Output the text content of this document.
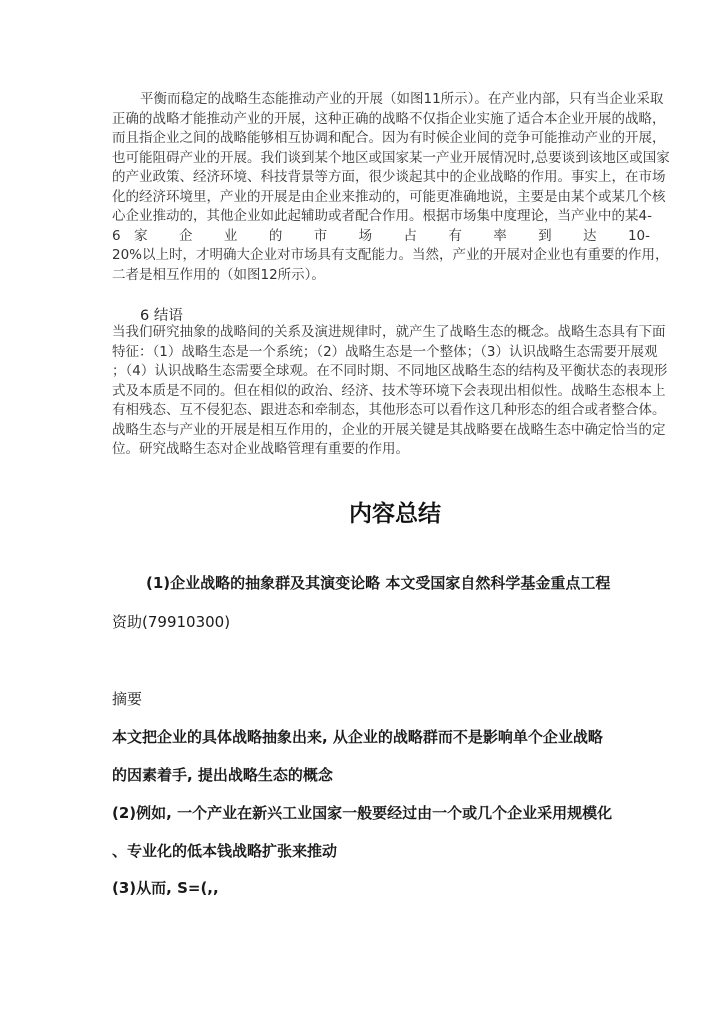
平衡而稳定的战略生态能推动产业的开展（如图11所示）。在产业内部，只有当企业采取
正确的战略才能推动产业的开展，这种正确的战略不仅指企业实施了适合本企业开展的战略，
而且指企业之间的战略能够相互协调和配合。因为有时候企业间的竞争可能推动产业的开展，
也可能阻碍产业的开展。我们谈到某个地区或国家某一产业开展情况时,总要谈到该地区或国家
的产业政策、经济环境、科技背景等方面，很少谈起其中的企业战略的作用。事实上，在市场
化的经济环境里，产业的开展是由企业来推动的，可能更准确地说，主要是由某个或某几个核
心企业推动的，其他企业如此起辅助或者配合作用。根据市场集中度理论，当产业中的某4-
6家 企 业 的 市 场 占 有 率 到 达 10-
20%以上时，才明确大企业对市场具有支配能力。当然，产业的开展对企业也有重要的作用，
二者是相互作用的（如图12所示）。
6 结语
当我们研究抽象的战略间的关系及演进规律时，就产生了战略生态的概念。战略生态具有下面
特征：（1）战略生态是一个系统；（2）战略生态是一个整体；（3）认识战略生态需要开展观
；（4）认识战略生态需要全球观。在不同时期、不同地区战略生态的结构及平衡状态的表现形
式及本质是不同的。但在相似的政治、经济、技术等环境下会表现出相似性。战略生态根本上
有相残态、互不侵犯态、跟进态和牵制态，其他形态可以看作这几种形态的组合或者整合体。
战略生态与产业的开展是相互作用的，企业的开展关键是其战略要在战略生态中确定恰当的定
位。研究战略生态对企业战略管理有重要的作用。
内容总结
(1)企业战略的抽象群及其演变论略 本文受国家自然科学基金重点工程
资助(79910300)
摘要
本文把企业的具体战略抽象出来, 从企业的战略群而不是影响单个企业战略
的因素着手, 提出战略生态的概念
(2)例如, 一个产业在新兴工业国家一般要经过由一个或几个企业采用规模化
、专业化的低本钱战略扩张来推动
(3)从而, S=(,,
